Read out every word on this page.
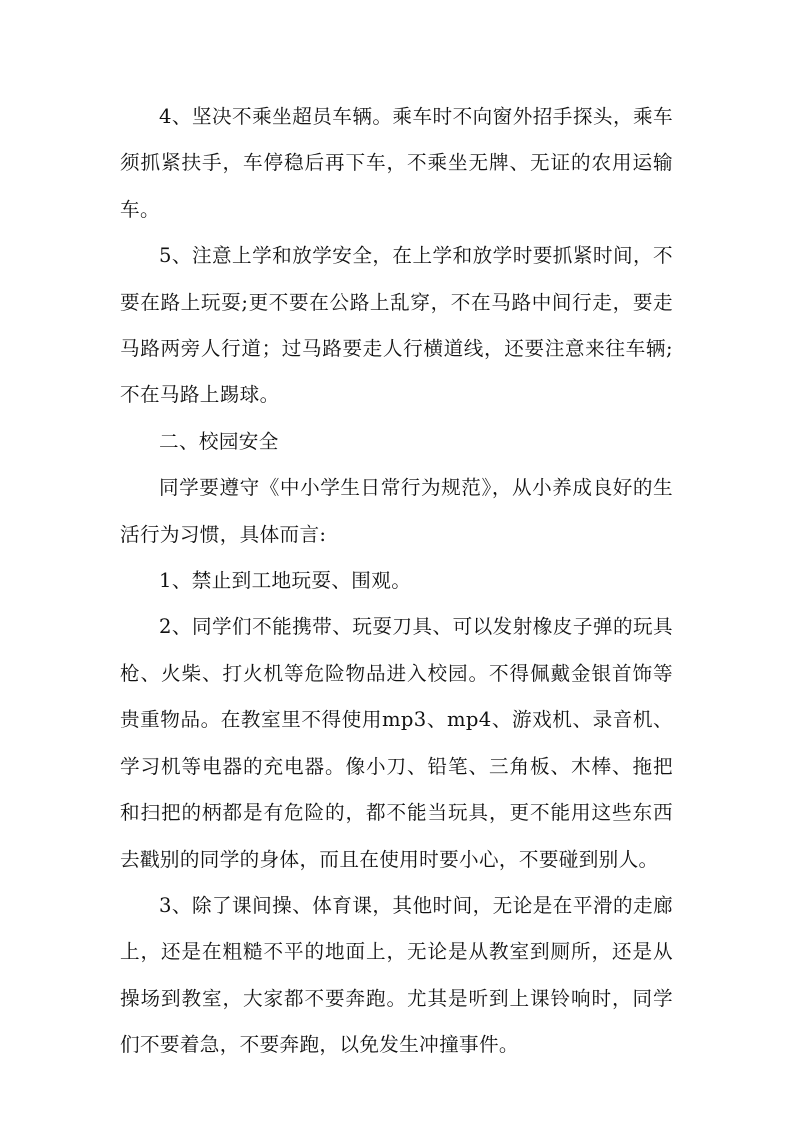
4、坚决不乘坐超员车辆。乘车时不向窗外招手探头，乘车须抓紧扶手，车停稳后再下车，不乘坐无牌、无证的农用运输车。

5、注意上学和放学安全，在上学和放学时要抓紧时间，不要在路上玩耍;更不要在公路上乱穿，不在马路中间行走，要走马路两旁人行道；过马路要走人行横道线，还要注意来往车辆;不在马路上踢球。

二、校园安全

同学要遵守《中小学生日常行为规范》，从小养成良好的生活行为习惯，具体而言:

1、禁止到工地玩耍、围观。

2、同学们不能携带、玩耍刀具、可以发射橡皮子弹的玩具枪、火柴、打火机等危险物品进入校园。不得佩戴金银首饰等贵重物品。在教室里不得使用mp3、mp4、游戏机、录音机、学习机等电器的充电器。像小刀、铅笔、三角板、木棒、拖把和扫把的柄都是有危险的，都不能当玩具，更不能用这些东西去戳别的同学的身体，而且在使用时要小心，不要碰到别人。

3、除了课间操、体育课，其他时间，无论是在平滑的走廊上，还是在粗糙不平的地面上，无论是从教室到厕所，还是从操场到教室，大家都不要奔跑。尤其是听到上课铃响时，同学们不要着急，不要奔跑，以免发生冲撞事件。
